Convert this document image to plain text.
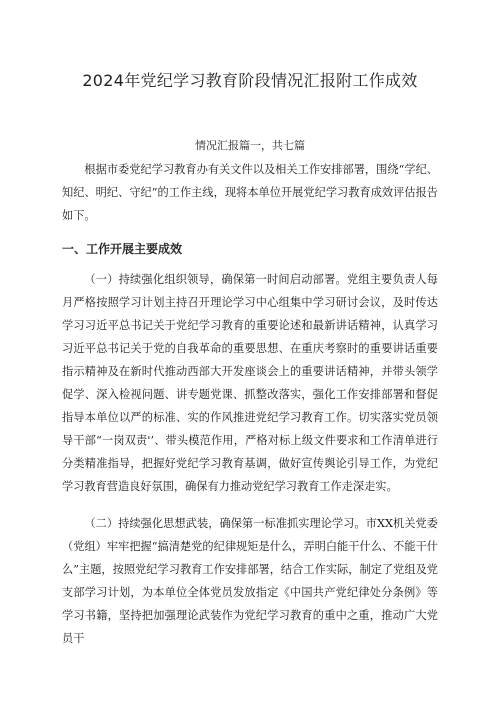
2024年党纪学习教育阶段情况汇报附工作成效

情况汇报篇一，共七篇

根据市委党纪学习教育办有关文件以及相关工作安排部署，围绕“学纪、知纪、明纪、守纪”的工作主线，现将本单位开展党纪学习教育成效评估报告如下。

一、工作开展主要成效

（一）持续强化组织领导，确保第一时间启动部署。党组主要负责人每月严格按照学习计划主持召开理论学习中心组集中学习研讨会议，及时传达学习习近平总书记关于党纪学习教育的重要论述和最新讲话精神，认真学习习近平总书记关于党的自我革命的重要思想、在重庆考察时的重要讲话重要指示精神及在新时代推动西部大开发座谈会上的重要讲话精神，并带头领学促学、深入检视问题、讲专题党课、抓整改落实，强化工作安排部署和督促指导本单位以严的标准、实的作风推进党纪学习教育工作。切实落实党员领导干部“一岗双责'’、带头模范作用，严格对标上级文件要求和工作清单进行分类精准指导，把握好党纪学习教育基调，做好宣传舆论引导工作，为党纪学习教育营造良好氛围，确保有力推动党纪学习教育工作走深走实。

（二）持续强化思想武装，确保第一标准抓实理论学习。市XX机关党委（党组）牢牢把握“搞清楚党的纪律规矩是什么，弄明白能干什么、不能干什么”主题，按照党纪学习教育工作安排部署，结合工作实际，制定了党组及党支部学习计划，为本单位全体党员发放指定《中国共产党纪律处分条例》等学习书籍，坚持把加强理论武装作为党纪学习教育的重中之重，推动广大党员干
